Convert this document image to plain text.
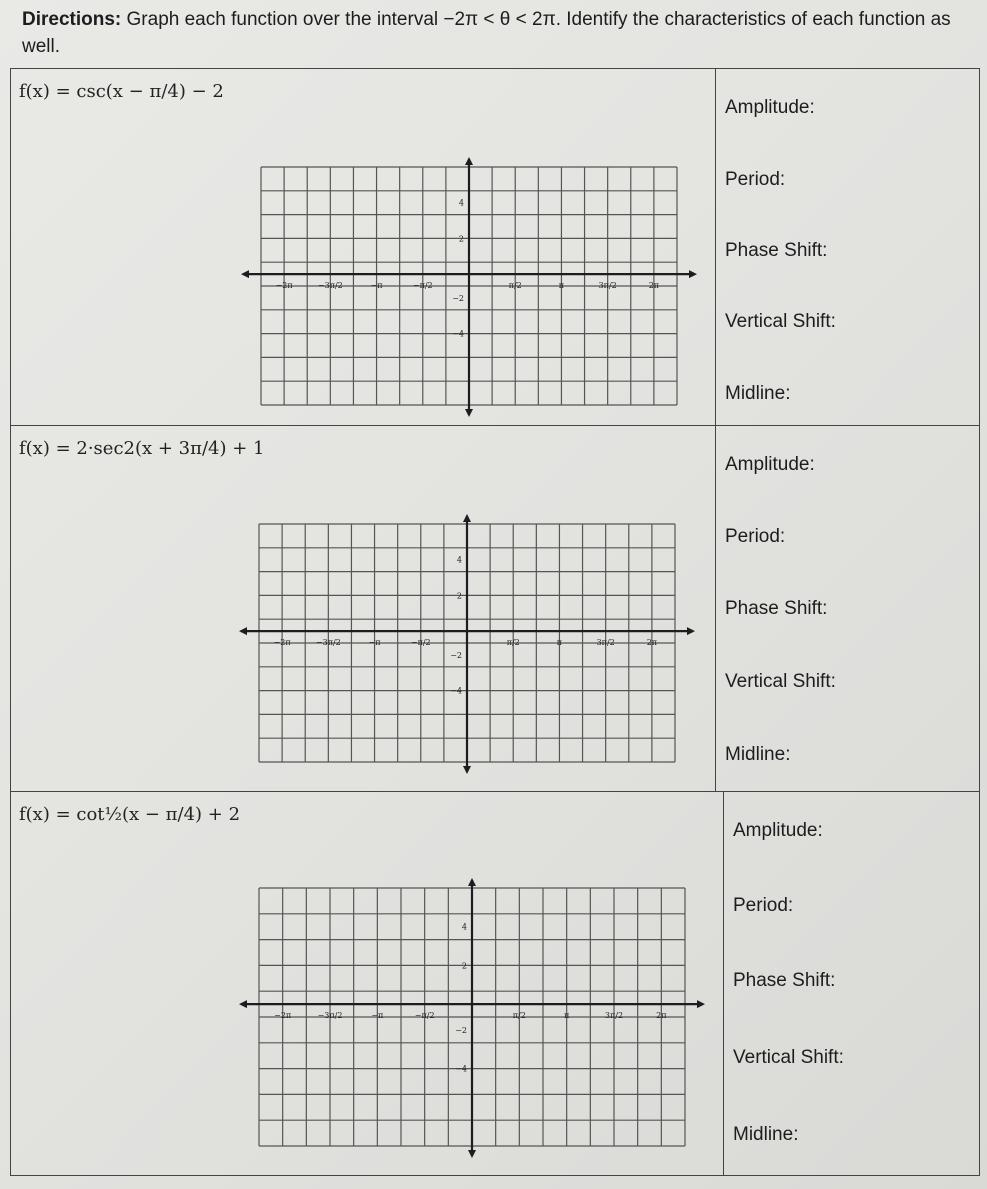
Directions: Graph each function over the interval −2π < θ < 2π. Identify the characteristics of each function as well.
f(x) = csc(x − π/4) − 2
−2π	−3π/2	−π	−π/2	π/2	π	3π/2	2π
4
2
−2
−4
Amplitude:
Period:
Phase Shift:
Vertical Shift:
Midline:
f(x) = 2·sec2(x + 3π/4) + 1
−2π	−3π/2	−π	−π/2	π/2	π	3π/2	2π
4
2
−2
−4
Amplitude:
Period:
Phase Shift:
Vertical Shift:
Midline:
f(x) = cot½(x − π/4) + 2
−2π	−3π/2	−π	−π/2	π/2	π	3π/2	2π
4
2
−2
−4
Amplitude:
Period:
Phase Shift:
Vertical Shift:
Midline:
